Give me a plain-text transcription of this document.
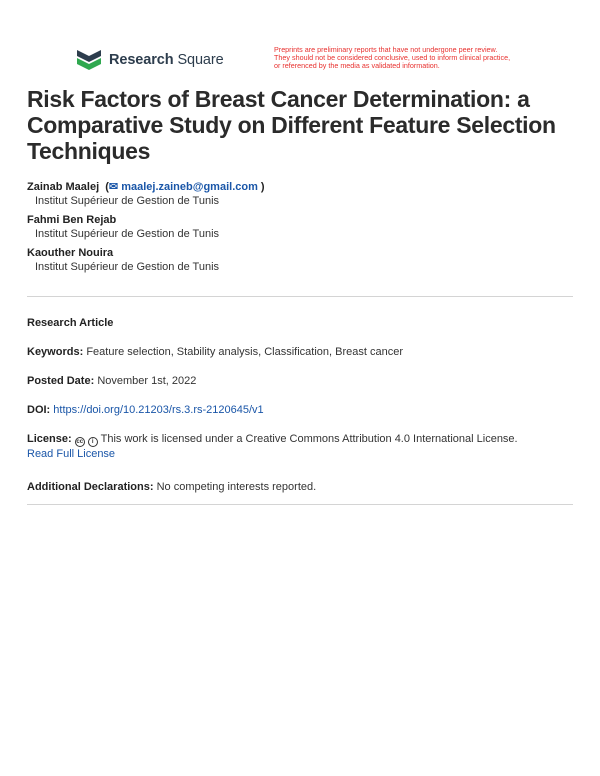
Research Square
Preprints are preliminary reports that have not undergone peer review.
They should not be considered conclusive, used to inform clinical practice,
or referenced by the media as validated information.
Risk Factors of Breast Cancer Determination: a Comparative Study on Different Feature Selection Techniques
Zainab Maalej  (✉ maalej.zaineb@gmail.com )
Institut Supérieur de Gestion de Tunis
Fahmi Ben Rejab
Institut Supérieur de Gestion de Tunis
Kaouther Nouira
Institut Supérieur de Gestion de Tunis
Research Article
Keywords: Feature selection, Stability analysis, Classification, Breast cancer
Posted Date: November 1st, 2022
DOI: https://doi.org/10.21203/rs.3.rs-2120645/v1
License: cc i This work is licensed under a Creative Commons Attribution 4.0 International License.
Read Full License
Additional Declarations: No competing interests reported.
